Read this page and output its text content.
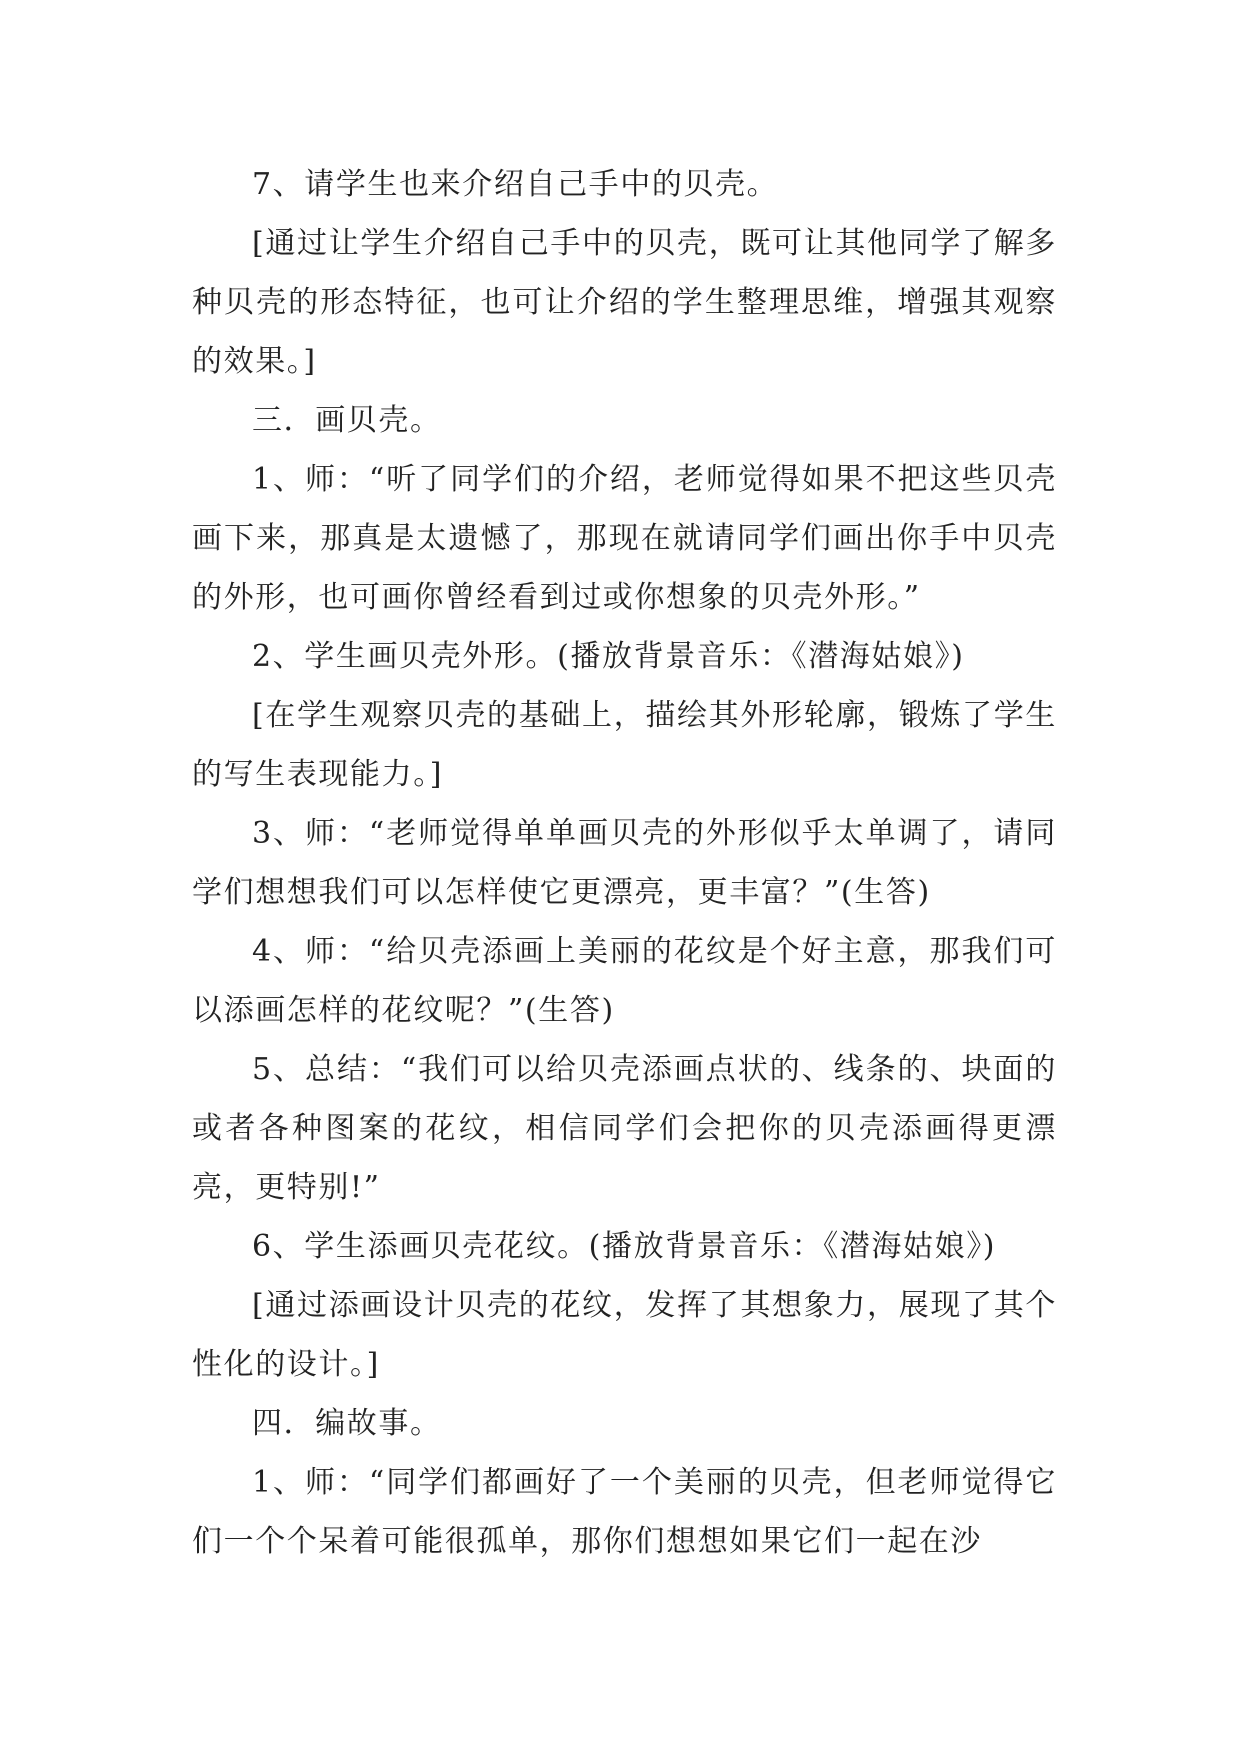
7、请学生也来介绍自己手中的贝壳。

[通过让学生介绍自己手中的贝壳，既可让其他同学了解多种贝壳的形态特征，也可让介绍的学生整理思维，增强其观察的效果。]

三．画贝壳。

1、师：“听了同学们的介绍，老师觉得如果不把这些贝壳画下来，那真是太遗憾了，那现在就请同学们画出你手中贝壳的外形，也可画你曾经看到过或你想象的贝壳外形。”

2、学生画贝壳外形。(播放背景音乐：《潜海姑娘》)

[在学生观察贝壳的基础上，描绘其外形轮廓，锻炼了学生的写生表现能力。]

3、师：“老师觉得单单画贝壳的外形似乎太单调了，请同学们想想我们可以怎样使它更漂亮，更丰富？”(生答)

4、师：“给贝壳添画上美丽的花纹是个好主意，那我们可以添画怎样的花纹呢？”(生答)

5、总结：“我们可以给贝壳添画点状的、线条的、块面的或者各种图案的花纹，相信同学们会把你的贝壳添画得更漂亮，更特别!”

6、学生添画贝壳花纹。(播放背景音乐：《潜海姑娘》)

[通过添画设计贝壳的花纹，发挥了其想象力，展现了其个性化的设计。]

四．编故事。

1、师：“同学们都画好了一个美丽的贝壳，但老师觉得它们一个个呆着可能很孤单，那你们想想如果它们一起在沙
